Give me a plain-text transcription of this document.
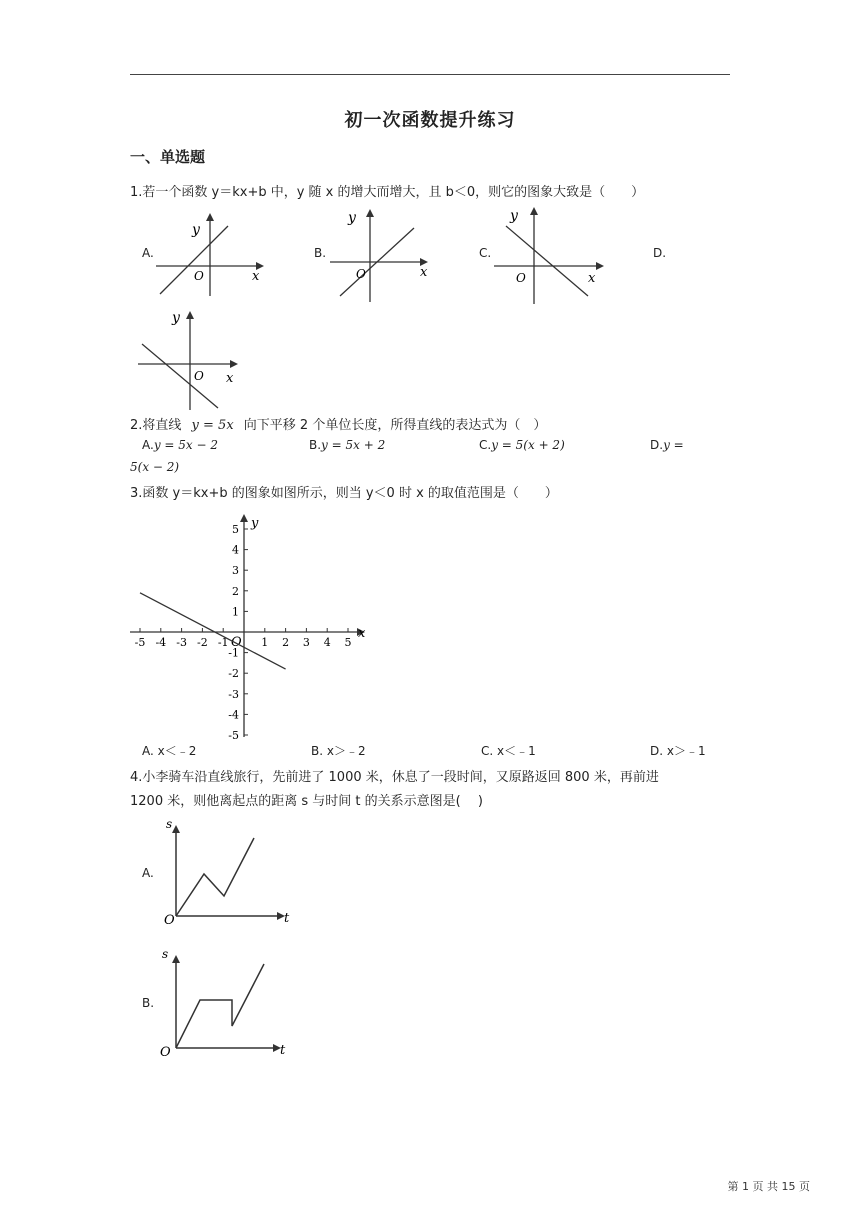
初一次函数提升练习
一、单选题
1.若一个函数 y＝kx+b 中，y 随 x 的增大而增大，且 b＜0，则它的图象大致是（　　）
A.
y
O	x
B.
y
O	x
C.
y
O	x
D.
y
O x
2.将直线 y = 5x 向下平移 2 个单位长度，所得直线的表达式为（　）
A.y = 5x − 2	B.y = 5x + 2	C.y = 5(x + 2)	D.y =
5(x − 2)
3.函数 y＝kx+b 的图象如图所示，则当 y＜0 时 x 的取值范围是（　　）
x
y
O
-5 -4 -3 -2 -1	1 2 3 4 5
5
4
3
2
1
-1
-2
-3
-4
-5
A. x＜﹣2	B. x＞﹣2	C. x＜﹣1	D. x＞﹣1
4.小李骑车沿直线旅行，先前进了 1000 米，休息了一段时间，又原路返回 800 米，再前进
1200 米，则他离起点的距离 s 与时间 t 的关系示意图是(　 )
A.
s
O	t
B.
s
O	t
第 1 页 共 15 页
